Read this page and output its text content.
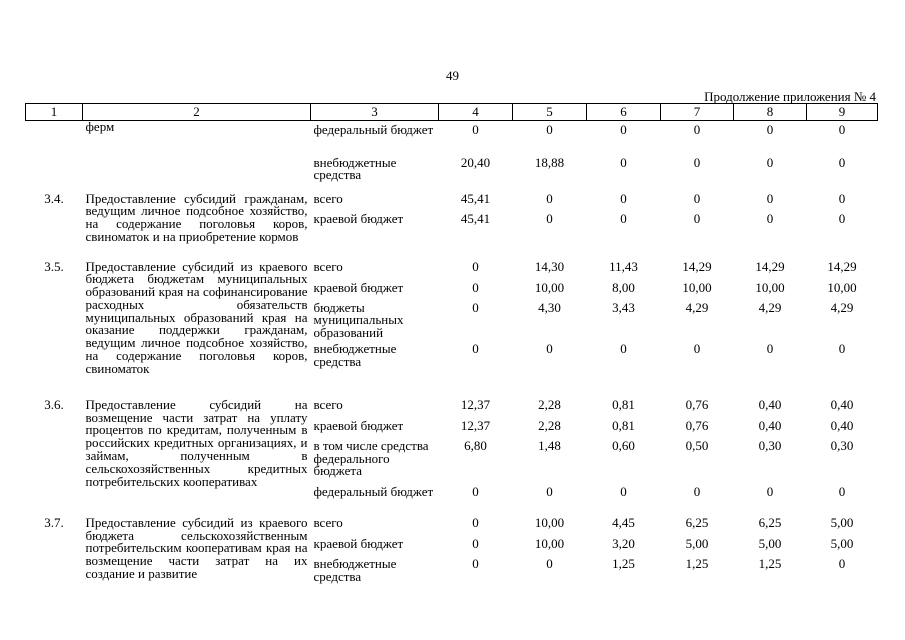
49
Продолжение приложения № 4
1	2	3	4	5	6	7	8	9
	ферм	федеральный бюджет	0	0	0	0	0	0
		внебюджетные средства	20,40	18,88	0	0	0	0
3.4.	Предоставление субсидий гражданам, ведущим личное подсобное хозяйство, на содержание поголовья коров, свиноматок и на приобретение кормов	всего	45,41	0	0	0	0	0
		краевой бюджет	45,41	0	0	0	0	0
3.5.	Предоставление субсидий из краевого бюджета бюджетам муниципальных образований края на софинансирование расходных обязательств муниципальных образований края на оказание поддержки гражданам, ведущим личное подсобное хозяйство, на содержание поголовья коров, свиноматок	всего	0	14,30	11,43	14,29	14,29	14,29
		краевой бюджет	0	10,00	8,00	10,00	10,00	10,00
		бюджеты муниципальных образований	0	4,30	3,43	4,29	4,29	4,29
		внебюджетные средства	0	0	0	0	0	0
3.6.	Предоставление субсидий на возмещение части затрат на уплату процентов по кредитам, полученным в российских кредитных организациях, и займам, полученным в сельскохозяйственных кредитных потребительских кооперативах	всего	12,37	2,28	0,81	0,76	0,40	0,40
		краевой бюджет	12,37	2,28	0,81	0,76	0,40	0,40
		в том числе средства федерального бюджета	6,80	1,48	0,60	0,50	0,30	0,30
		федеральный бюджет	0	0	0	0	0	0
3.7.	Предоставление субсидий из краевого бюджета сельскохозяйственным потребительским кооперативам края на возмещение части затрат на их создание и развитие	всего	0	10,00	4,45	6,25	6,25	5,00
		краевой бюджет	0	10,00	3,20	5,00	5,00	5,00
		внебюджетные средства	0	0	1,25	1,25	1,25	0
